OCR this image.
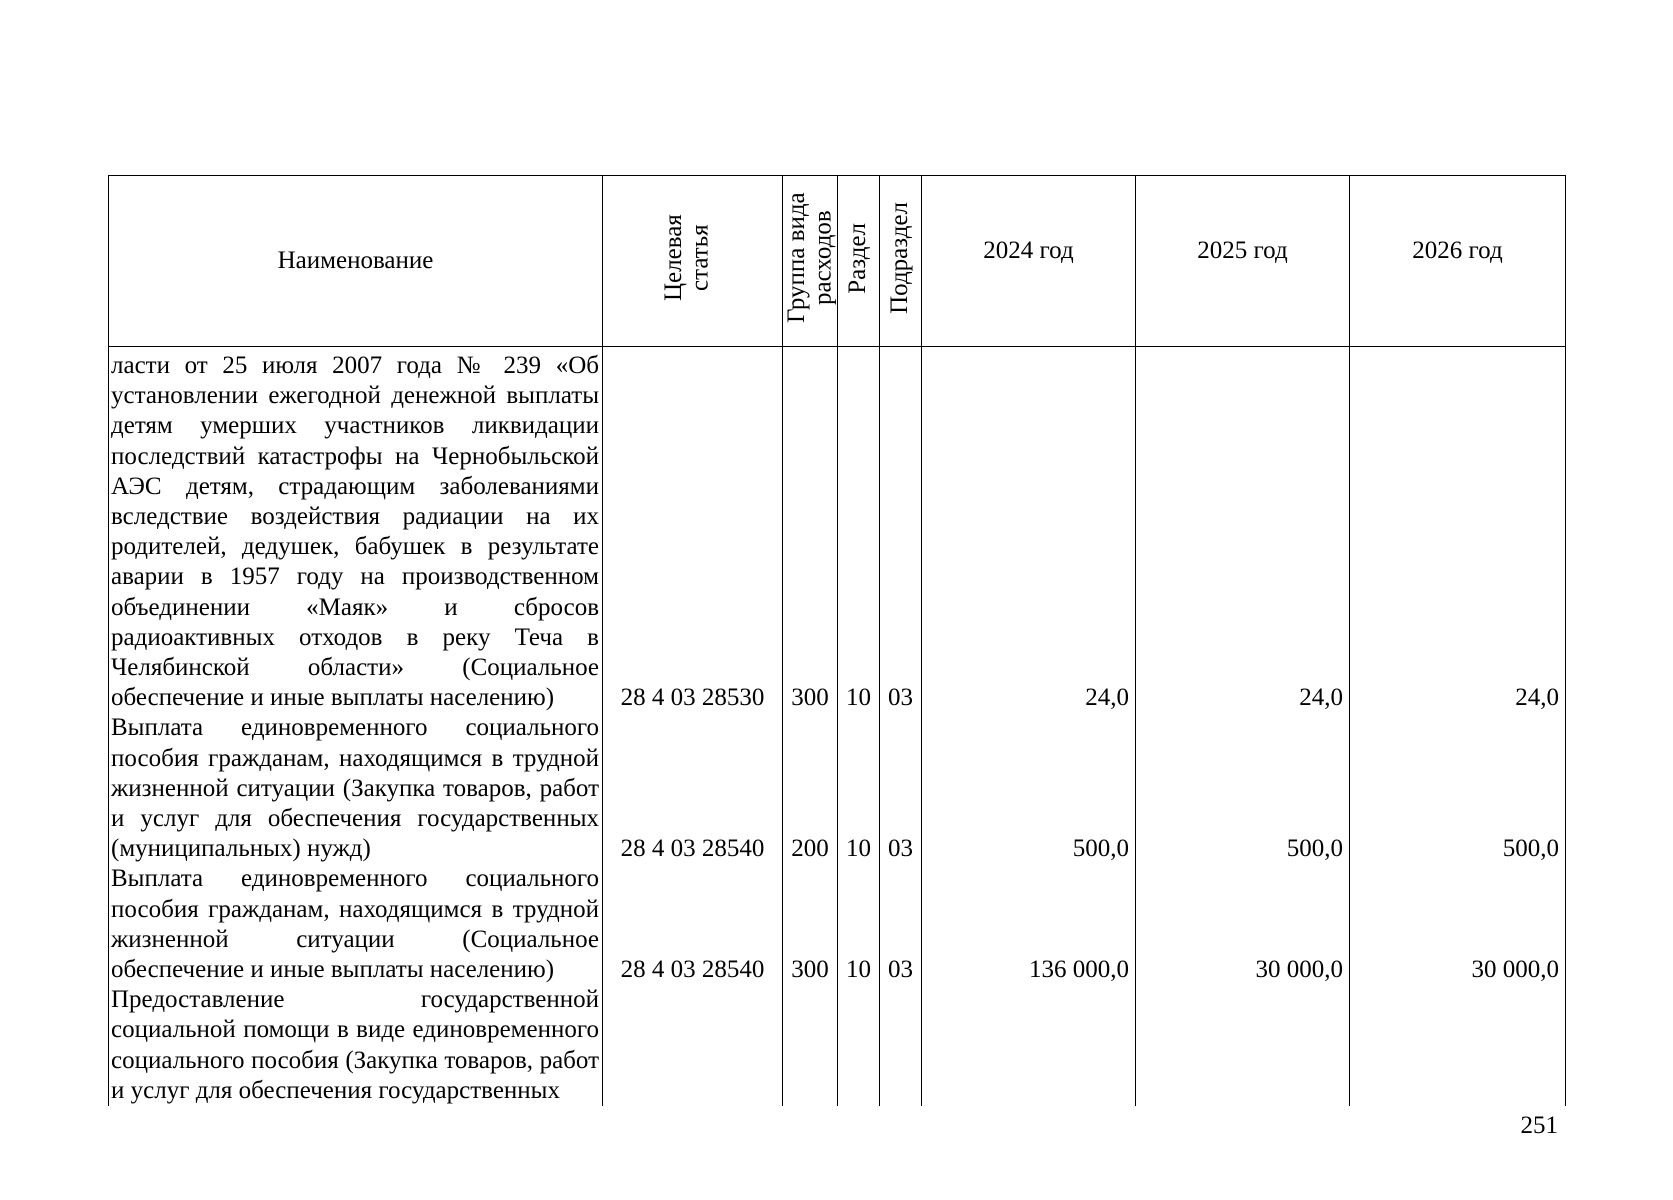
Наименование	Целевая статья	Группа вида расходов	Раздел	Подраздел	2024 год	2025 год	2026 год
ласти от 25 июля 2007 года № 239 «Об установлении ежегодной денежной выплаты детям умерших участников ликвидации последствий катастрофы на Чернобыльской АЭС детям, страдающим заболеваниями вследствие воздействия радиации на их родителей, дедушек, бабушек в результате аварии в 1957 году на производственном объединении «Маяк» и сбросов радиоактивных отходов в реку Теча в Челябинской области» (Социальное обеспечение и иные выплаты населению)	28 4 03 28530	300	10	03	24,0	24,0	24,0
Выплата единовременного социального пособия гражданам, находящимся в трудной жизненной ситуации (Закупка товаров, работ и услуг для обеспечения государственных (муниципальных) нужд)	28 4 03 28540	200	10	03	500,0	500,0	500,0
Выплата единовременного социального пособия гражданам, находящимся в трудной жизненной ситуации (Социальное обеспечение и иные выплаты населению)	28 4 03 28540	300	10	03	136 000,0	30 000,0	30 000,0
Предоставление государственной социальной помощи в виде единовременного социального пособия (Закупка товаров, работ и услуг для обеспечения государственных							
251
